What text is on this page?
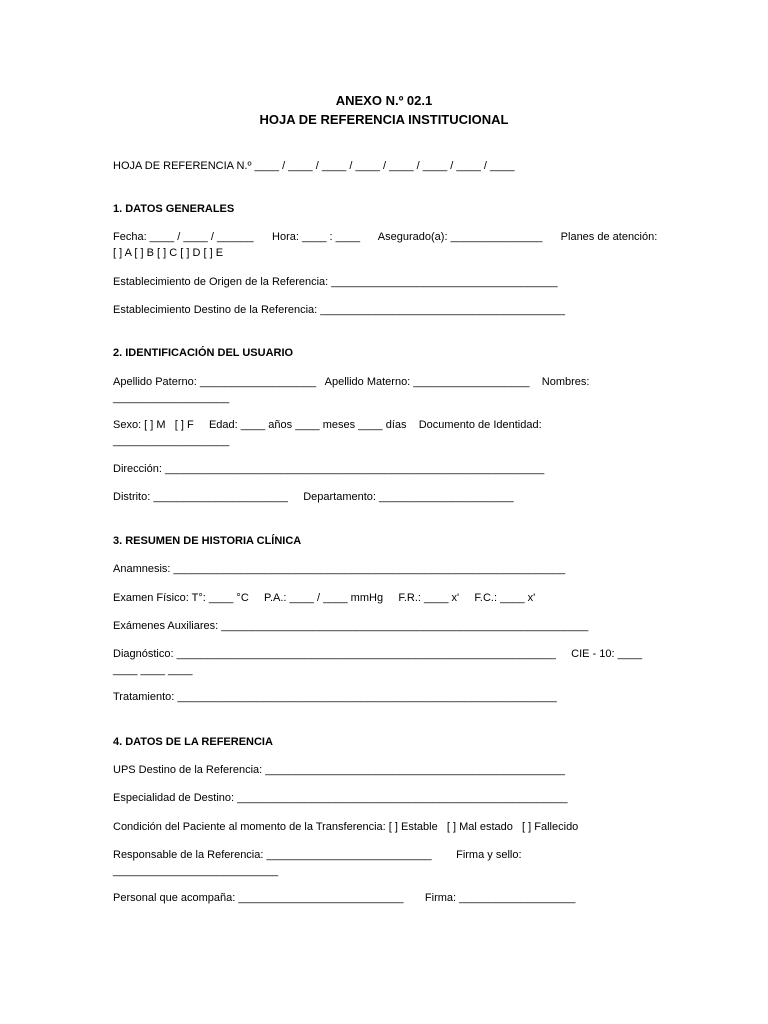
ANEXO N.º 02.1
HOJA DE REFERENCIA INSTITUCIONAL
HOJA DE REFERENCIA N.º ____ / ____ / ____ / ____ / ____ / ____ / ____ / ____
1. DATOS GENERALES
Fecha: ____ / ____ / ______      Hora: ____ : ____      Asegurado(a): _______________      Planes de atención: [ ] A [ ] B [ ] C [ ] D [ ] E
Establecimiento de Origen de la Referencia: _____________________________________
Establecimiento Destino de la Referencia: ________________________________________
2. IDENTIFICACIÓN DEL USUARIO
Apellido Paterno: ___________________   Apellido Materno: ___________________    Nombres: ___________________
Sexo: [ ] M   [ ] F     Edad: ____ años ____ meses ____ días    Documento de Identidad: ___________________
Dirección: ______________________________________________________________
Distrito: ______________________     Departamento: ______________________
3. RESUMEN DE HISTORIA CLÍNICA
Anamnesis: ________________________________________________________________
Examen Físico: T°: ____ °C     P.A.: ____ / ____ mmHg     F.R.: ____ x'     F.C.: ____ x'
Exámenes Auxiliares: ____________________________________________________________
Diagnóstico: ______________________________________________________________     CIE - 10: ____ ____ ____ ____
Tratamiento: ______________________________________________________________
4. DATOS DE LA REFERENCIA
UPS Destino de la Referencia: _________________________________________________
Especialidad de Destino: ______________________________________________________
Condición del Paciente al momento de la Transferencia: [ ] Estable   [ ] Mal estado   [ ] Fallecido
Responsable de la Referencia: ___________________________        Firma y sello: ___________________________
Personal que acompaña: ___________________________       Firma: ___________________
